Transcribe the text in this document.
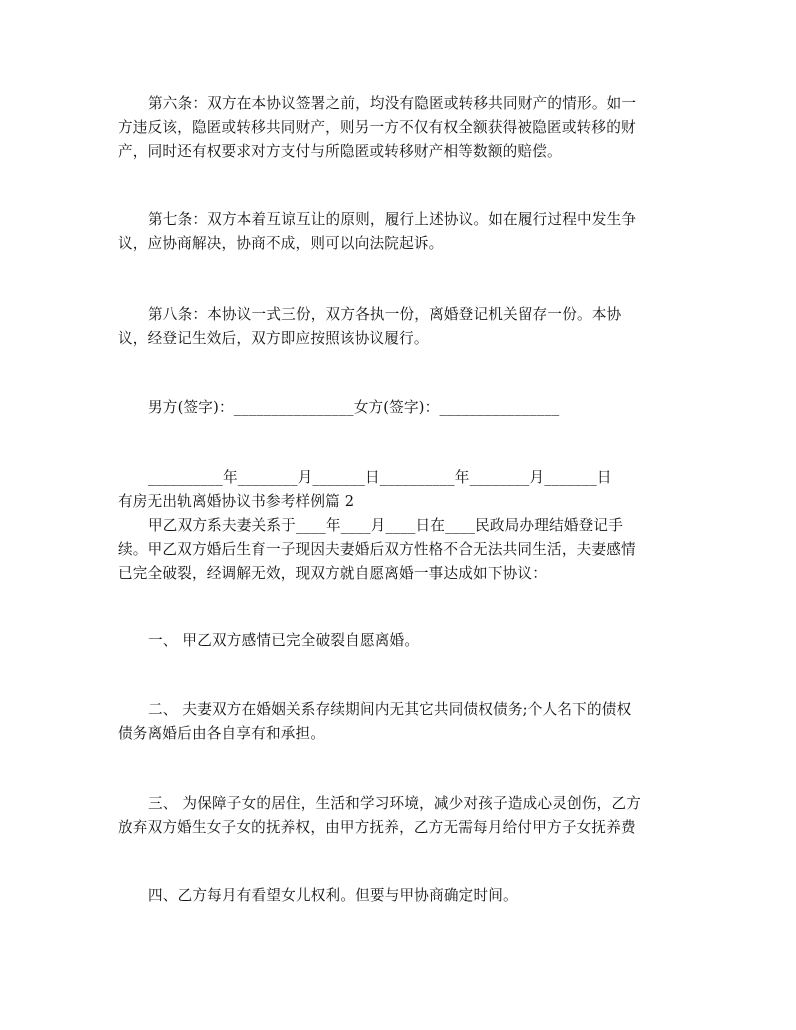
第六条：双方在本协议签署之前，均没有隐匿或转移共同财产的情形。如一
方违反该，隐匿或转移共同财产，则另一方不仅有权全额获得被隐匿或转移的财
产，同时还有权要求对方支付与所隐匿或转移财产相等数额的赔偿。
第七条：双方本着互谅互让的原则，履行上述协议。如在履行过程中发生争
议，应协商解决，协商不成，则可以向法院起诉。
第八条：本协议一式三份，双方各执一份，离婚登记机关留存一份。本协
议，经登记生效后，双方即应按照该协议履行。
男方(签字)：________________女方(签字)：________________
__________年________月_______日__________年________月_______日
有房无出轨离婚协议书参考样例篇 2
甲乙双方系夫妻关系于____年____月____日在____民政局办理结婚登记手
续。甲乙双方婚后生育一子现因夫妻婚后双方性格不合无法共同生活，夫妻感情
已完全破裂，经调解无效，现双方就自愿离婚一事达成如下协议：
一、 甲乙双方感情已完全破裂自愿离婚。
二、 夫妻双方在婚姻关系存续期间内无其它共同债权债务;个人名下的债权
债务离婚后由各自享有和承担。
三、 为保障子女的居住，生活和学习环境，减少对孩子造成心灵创伤，乙方
放弃双方婚生女子女的抚养权，由甲方抚养，乙方无需每月给付甲方子女抚养费
四、乙方每月有看望女儿权利。但要与甲协商确定时间。
